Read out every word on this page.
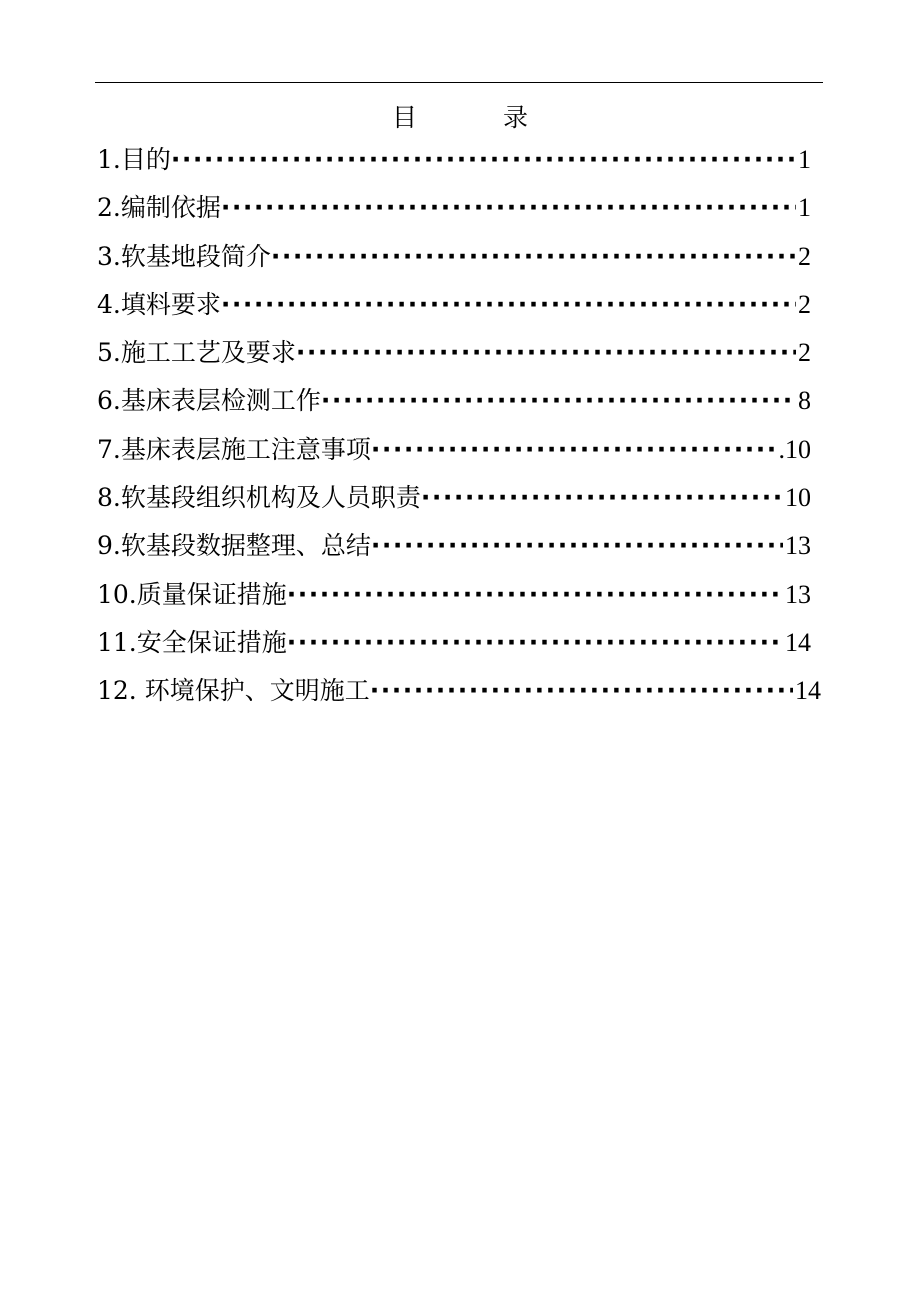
目	录
1.目的 ·····	1
2.编制依据 ·····	1
3.软基地段简介 ·····	2
4.填料要求 ·····	2
5.施工工艺及要求 ·····	2
6.基床表层检测工作 ·····	8
7.基床表层施工注意事项 ·····	.10
8.软基段组织机构及人员职责 ·····	10
9.软基段数据整理、总结 ·····	13
10.质量保证措施 ·····	13
11.安全保证措施 ·····	14
12. 环境保护、文明施工 ·····	14
